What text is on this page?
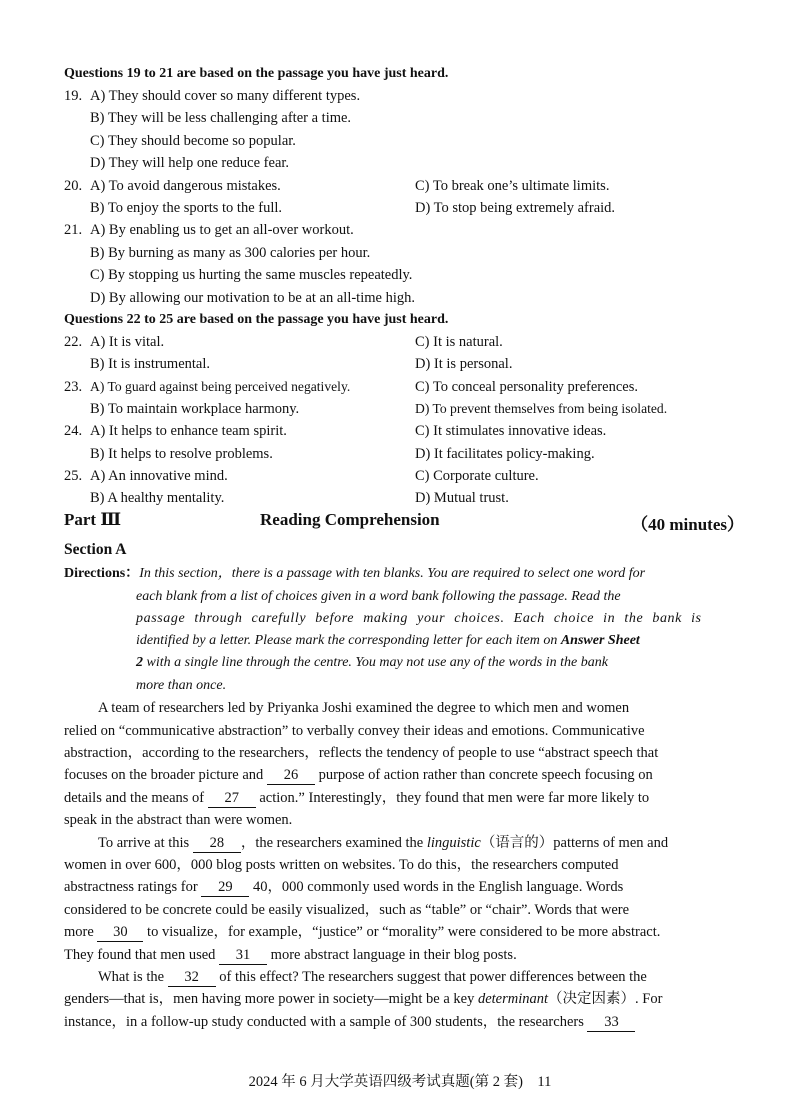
Questions 19 to 21 are based on the passage you have just heard.
19. A) They should cover so many different types.
B) They will be less challenging after a time.
C) They should become so popular.
D) They will help one reduce fear.
20. A) To avoid dangerous mistakes.	C) To break one’s ultimate limits.
B) To enjoy the sports to the full.	D) To stop being extremely afraid.
21. A) By enabling us to get an all-over workout.
B) By burning as many as 300 calories per hour.
C) By stopping us hurting the same muscles repeatedly.
D) By allowing our motivation to be at an all-time high.
Questions 22 to 25 are based on the passage you have just heard.
22. A) It is vital.	C) It is natural.
B) It is instrumental.	D) It is personal.
23. A) To guard against being perceived negatively.	C) To conceal personality preferences.
B) To maintain workplace harmony.	D) To prevent themselves from being isolated.
24. A) It helps to enhance team spirit.	C) It stimulates innovative ideas.
B) It helps to resolve problems.	D) It facilitates policy-making.
25. A) An innovative mind.	C) Corporate culture.
B) A healthy mentality.	D) Mutual trust.
Part Ⅲ	Reading Comprehension	（40 minutes）
Section A
Directions：In this section，there is a passage with ten blanks. You are required to select one word for
each blank from a list of choices given in a word bank following the passage. Read the
passage through carefully before making your choices. Each choice in the bank is
identified by a letter. Please mark the corresponding letter for each item on Answer Sheet
2 with a single line through the centre. You may not use any of the words in the bank
more than once.
A team of researchers led by Priyanka Joshi examined the degree to which men and women
relied on “communicative abstraction” to verbally convey their ideas and emotions. Communicative
abstraction，according to the researchers，reflects the tendency of people to use “abstract speech that
focuses on the broader picture and 26 purpose of action rather than concrete speech focusing on
details and the means of 27 action.” Interestingly，they found that men were far more likely to
speak in the abstract than were women.
To arrive at this 28 ，the researchers examined the linguistic（语言的）patterns of men and
women in over 600，000 blog posts written on websites. To do this，the researchers computed
abstractness ratings for 29 40，000 commonly used words in the English language. Words
considered to be concrete could be easily visualized，such as “table” or “chair”. Words that were
more 30 to visualize，for example，“justice” or “morality” were considered to be more abstract.
They found that men used 31 more abstract language in their blog posts.
What is the 32 of this effect? The researchers suggest that power differences between the
genders—that is，men having more power in society—might be a key determinant（决定因素）. For
instance，in a follow-up study conducted with a sample of 300 students，the researchers 33
2024 年 6 月大学英语四级考试真题(第 2 套)　11
